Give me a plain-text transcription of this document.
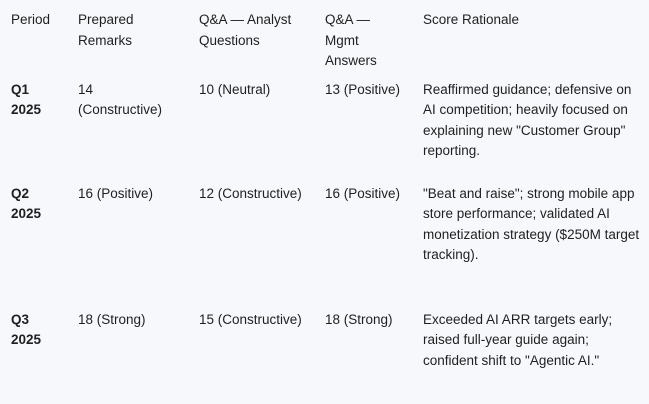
Period	Prepared Remarks	Q&A — Analyst Questions	Q&A — Mgmt Answers	Score Rationale
Q1 2025	14 (Constructive)	10 (Neutral)	13 (Positive)	Reaffirmed guidance; defensive on AI competition; heavily focused on explaining new "Customer Group" reporting.
Q2 2025	16 (Positive)	12 (Constructive)	16 (Positive)	"Beat and raise"; strong mobile app store performance; validated AI monetization strategy ($250M target tracking).
Q3 2025	18 (Strong)	15 (Constructive)	18 (Strong)	Exceeded AI ARR targets early; raised full-year guide again; confident shift to "Agentic AI."
